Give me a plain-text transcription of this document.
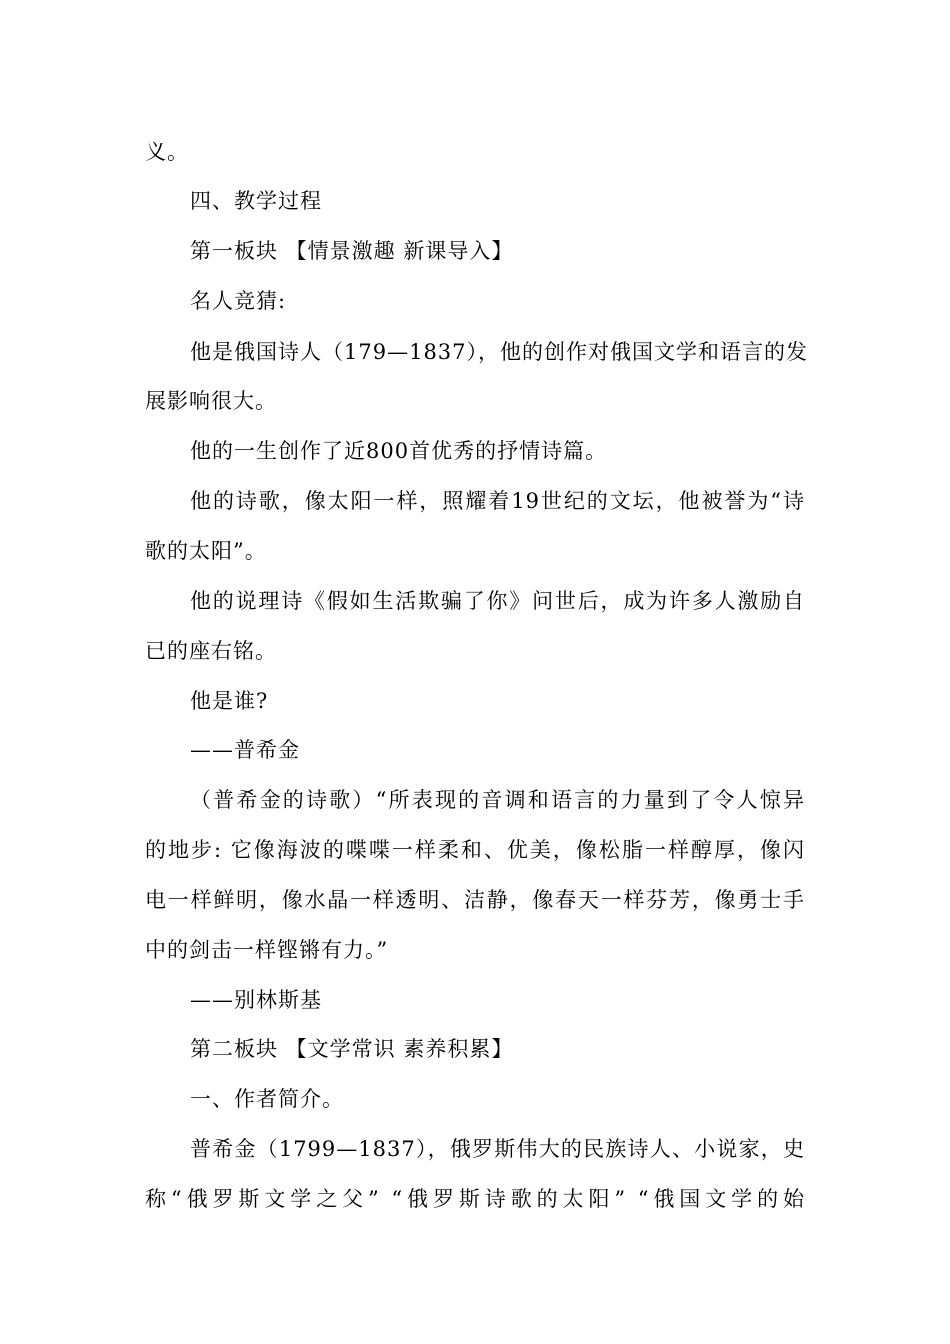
义。
四、教学过程
第一板块 【情景激趣 新课导入】
名人竞猜:
他是俄国诗人（179—1837），他的创作对俄国文学和语言的发
展影响很大。
他的一生创作了近800首优秀的抒情诗篇。
他的诗歌，像太阳一样，照耀着19世纪的文坛，他被誉为“诗
歌的太阳”。
他的说理诗《假如生活欺骗了你》问世后，成为许多人激励自
已的座右铭。
他是谁?
——普希金
（普希金的诗歌）“所表现的音调和语言的力量到了令人惊异
的地步: 它像海波的喋喋一样柔和、优美，像松脂一样醇厚，像闪
电一样鲜明，像水晶一样透明、洁静，像春天一样芬芳，像勇士手
中的剑击一样铿锵有力。”
——别林斯基
第二板块 【文学常识 素养积累】
一、作者简介。
普希金（1799—1837），俄罗斯伟大的民族诗人、小说家，史
称“俄罗斯文学之父” “俄罗斯诗歌的太阳” “俄国文学的始
